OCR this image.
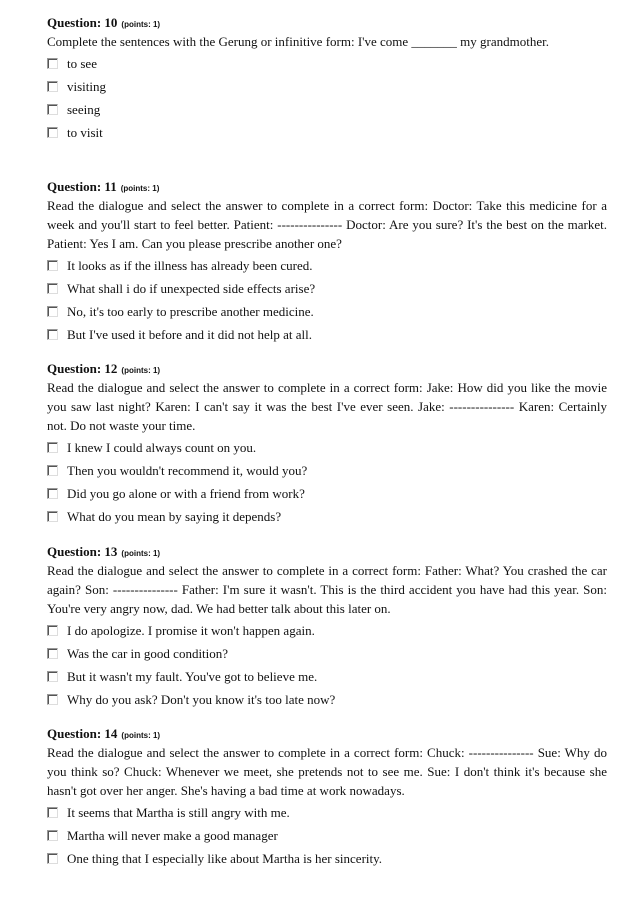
Question: 10 (points: 1)
Complete the sentences with the Gerung or infinitive form: I've come _______ my grandmother.
to see
visiting
seeing
to visit
Question: 11 (points: 1)
Read the dialogue and select the answer to complete in a correct form: Doctor: Take this medicine for a week and you'll start to feel better. Patient: --------------- Doctor: Are you sure? It's the best on the market. Patient: Yes I am. Can you please prescribe another one?
It looks as if the illness has already been cured.
What shall i do if unexpected side effects arise?
No, it's too early to prescribe another medicine.
But I've used it before and it did not help at all.
Question: 12 (points: 1)
Read the dialogue and select the answer to complete in a correct form: Jake: How did you like the movie you saw last night? Karen: I can't say it was the best I've ever seen. Jake: --------------- Karen: Certainly not. Do not waste your time.
I knew I could always count on you.
Then you wouldn't recommend it, would you?
Did you go alone or with a friend from work?
What do you mean by saying it depends?
Question: 13 (points: 1)
Read the dialogue and select the answer to complete in a correct form: Father: What? You crashed the car again? Son: --------------- Father: I'm sure it wasn't. This is the third accident you have had this year. Son: You're very angry now, dad. We had better talk about this later on.
I do apologize. I promise it won't happen again.
Was the car in good condition?
But it wasn't my fault. You've got to believe me.
Why do you ask? Don't you know it's too late now?
Question: 14 (points: 1)
Read the dialogue and select the answer to complete in a correct form: Chuck: --------------- Sue: Why do you think so? Chuck: Whenever we meet, she pretends not to see me. Sue: I don't think it's because she hasn't got over her anger. She's having a bad time at work nowadays.
It seems that Martha is still angry with me.
Martha will never make a good manager
One thing that I especially like about Martha is her sincerity.
